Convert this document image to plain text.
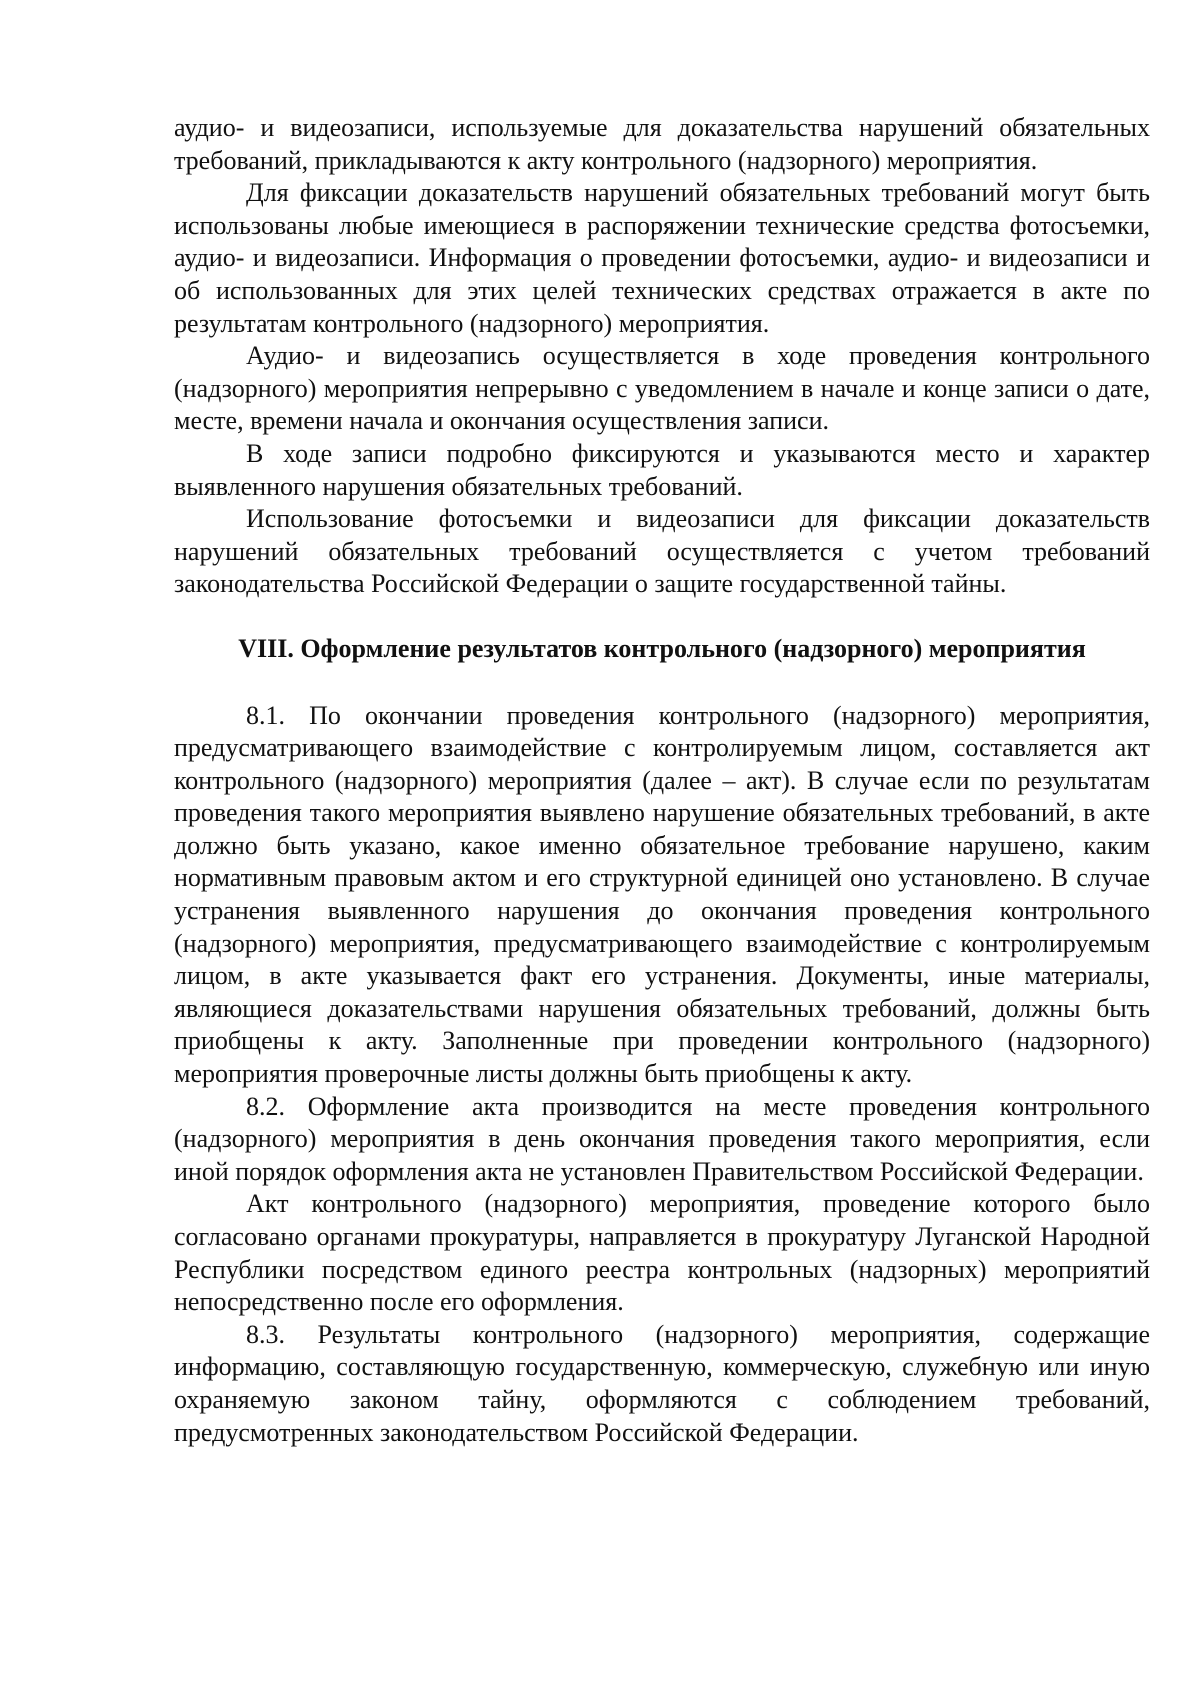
аудио- и видеозаписи, используемые для доказательства нарушений обязательных требований, прикладываются к акту контрольного (надзорного) мероприятия.

Для фиксации доказательств нарушений обязательных требований могут быть использованы любые имеющиеся в распоряжении технические средства фотосъемки, аудио- и видеозаписи. Информация о проведении фотосъемки, аудио- и видеозаписи и об использованных для этих целей технических средствах отражается в акте по результатам контрольного (надзорного) мероприятия.

Аудио- и видеозапись осуществляется в ходе проведения контрольного (надзорного) мероприятия непрерывно с уведомлением в начале и конце записи о дате, месте, времени начала и окончания осуществления записи.

В ходе записи подробно фиксируются и указываются место и характер выявленного нарушения обязательных требований.

Использование фотосъемки и видеозаписи для фиксации доказательств нарушений обязательных требований осуществляется с учетом требований законодательства Российской Федерации о защите государственной тайны.

VIII. Оформление результатов контрольного (надзорного) мероприятия

8.1. По окончании проведения контрольного (надзорного) мероприятия, предусматривающего взаимодействие с контролируемым лицом, составляется акт контрольного (надзорного) мероприятия (далее – акт). В случае если по результатам проведения такого мероприятия выявлено нарушение обязательных требований, в акте должно быть указано, какое именно обязательное требование нарушено, каким нормативным правовым актом и его структурной единицей оно установлено. В случае устранения выявленного нарушения до окончания проведения контрольного (надзорного) мероприятия, предусматривающего взаимодействие с контролируемым лицом, в акте указывается факт его устранения. Документы, иные материалы, являющиеся доказательствами нарушения обязательных требований, должны быть приобщены к акту. Заполненные при проведении контрольного (надзорного) мероприятия проверочные листы должны быть приобщены к акту.

8.2. Оформление акта производится на месте проведения контрольного (надзорного) мероприятия в день окончания проведения такого мероприятия, если иной порядок оформления акта не установлен Правительством Российской Федерации.

Акт контрольного (надзорного) мероприятия, проведение которого было согласовано органами прокуратуры, направляется в прокуратуру Луганской Народной Республики посредством единого реестра контрольных (надзорных) мероприятий непосредственно после его оформления.

8.3. Результаты контрольного (надзорного) мероприятия, содержащие информацию, составляющую государственную, коммерческую, служебную или иную охраняемую законом тайну, оформляются с соблюдением требований, предусмотренных законодательством Российской Федерации.
